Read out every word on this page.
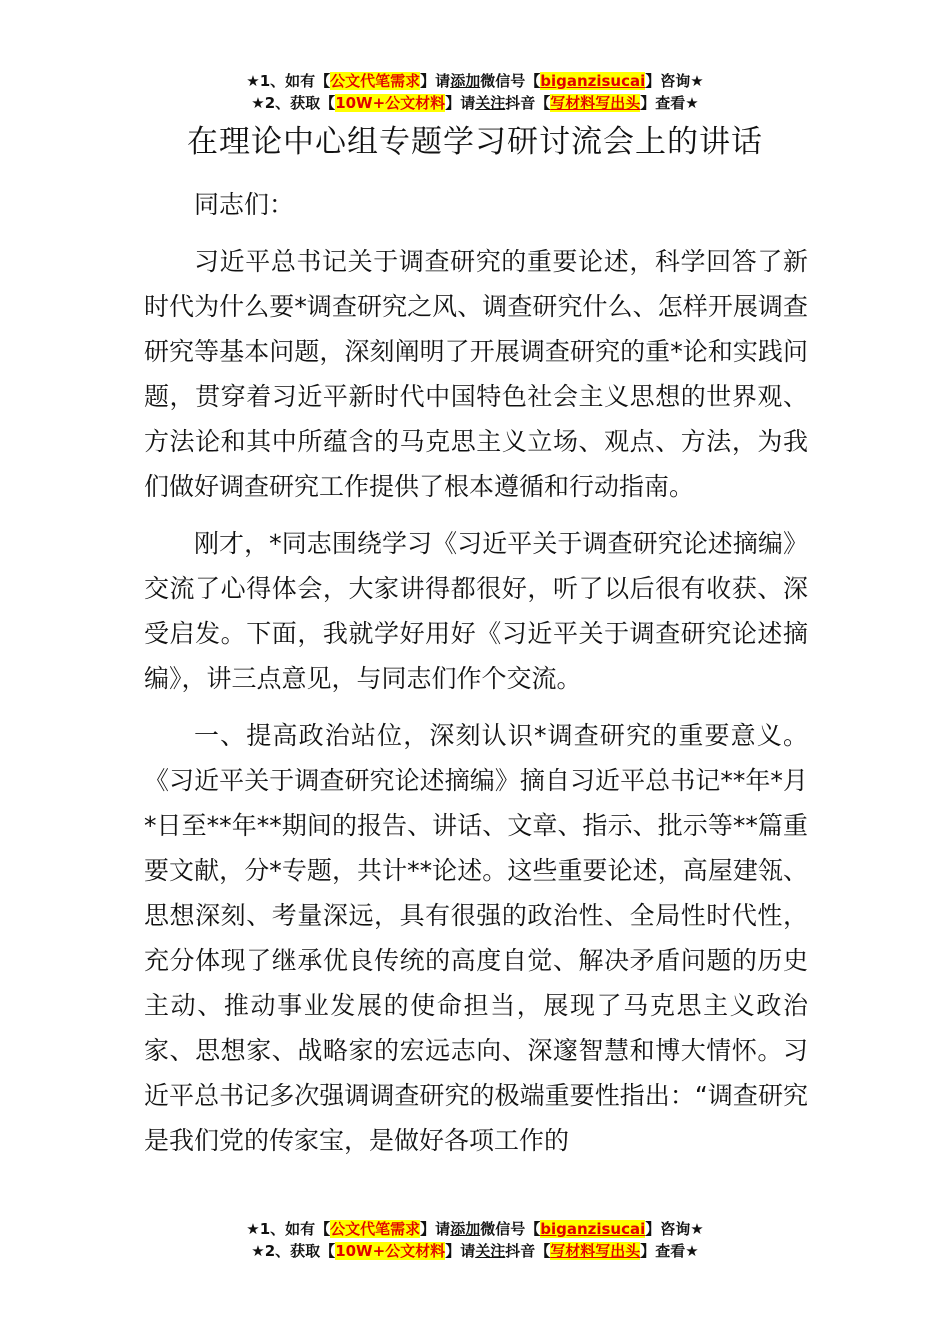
★1、如有【公文代笔需求】请添加微信号【biganzisucai】咨询★
★2、获取【10W+公文材料】请关注抖音【写材料写出头】查看★
在理论中心组专题学习研讨流会上的讲话

同志们：

习近平总书记关于调查研究的重要论述，科学回答了新时代为什么要*调查研究之风、调查研究什么、怎样开展调查研究等基本问题，深刻阐明了开展调查研究的重*论和实践问题，贯穿着习近平新时代中国特色社会主义思想的世界观、方法论和其中所蕴含的马克思主义立场、观点、方法，为我们做好调查研究工作提供了根本遵循和行动指南。

刚才，*同志围绕学习《习近平关于调查研究论述摘编》交流了心得体会，大家讲得都很好，听了以后很有收获、深受启发。下面，我就学好用好《习近平关于调查研究论述摘编》，讲三点意见，与同志们作个交流。

一、提高政治站位，深刻认识*调查研究的重要意义。《习近平关于调查研究论述摘编》摘自习近平总书记**年*月*日至**年**期间的报告、讲话、文章、指示、批示等**篇重要文献，分*专题，共计**论述。这些重要论述，高屋建瓴、思想深刻、考量深远，具有很强的政治性、全局性时代性，充分体现了继承优良传统的高度自觉、解决矛盾问题的历史主动、推动事业发展的使命担当，展现了马克思主义政治家、思想家、战略家的宏远志向、深邃智慧和博大情怀。习近平总书记多次强调调查研究的极端重要性指出：“调查研究是我们党的传家宝，是做好各项工作的

★1、如有【公文代笔需求】请添加微信号【biganzisucai】咨询★
★2、获取【10W+公文材料】请关注抖音【写材料写出头】查看★
